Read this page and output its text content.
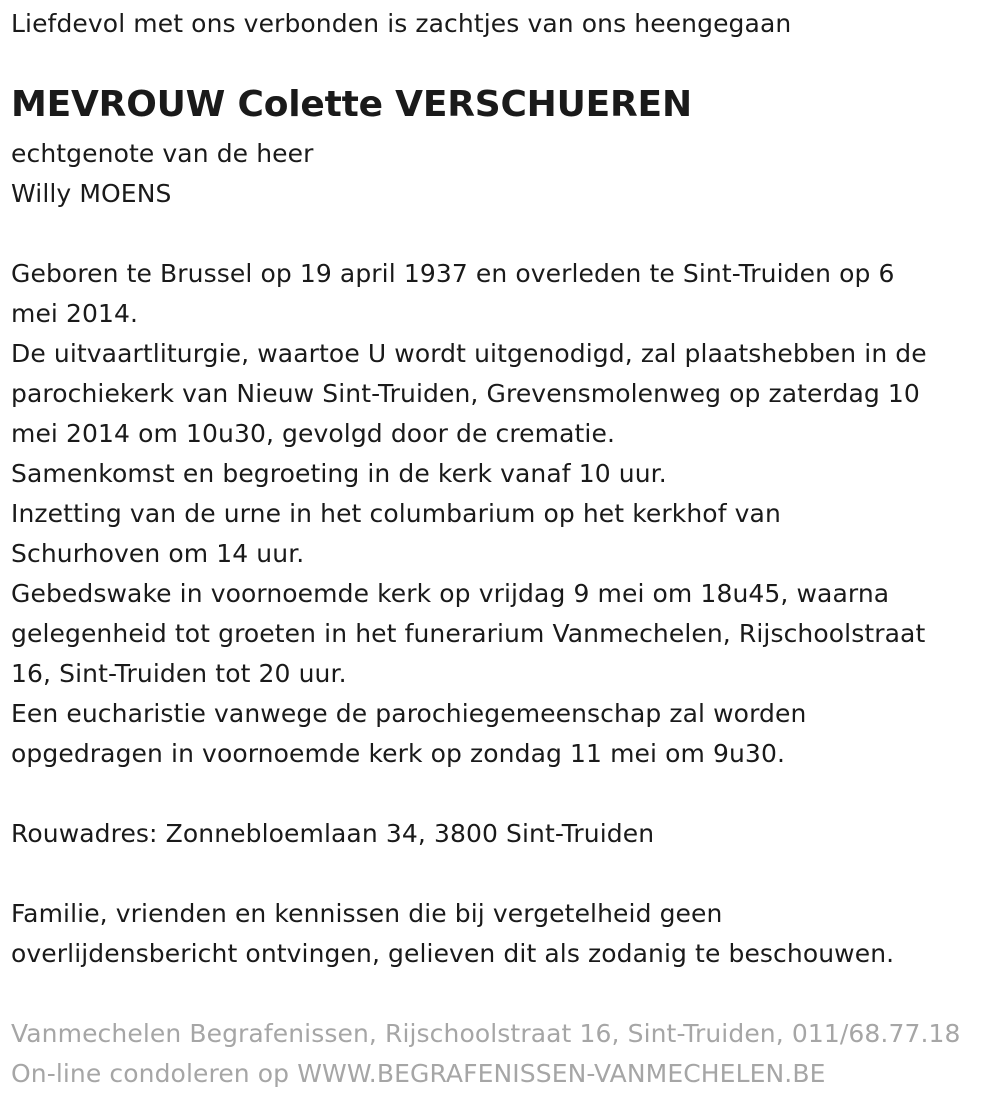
Liefdevol met ons verbonden is zachtjes van ons heengegaan
MEVROUW Colette VERSCHUEREN
echtgenote van de heer
Willy MOENS
Geboren te Brussel op 19 april 1937 en overleden te Sint-Truiden op 6
mei 2014.
De uitvaartliturgie, waartoe U wordt uitgenodigd, zal plaatshebben in de
parochiekerk van Nieuw Sint-Truiden, Grevensmolenweg op zaterdag 10
mei 2014 om 10u30, gevolgd door de crematie.
Samenkomst en begroeting in de kerk vanaf 10 uur.
Inzetting van de urne in het columbarium op het kerkhof van
Schurhoven om 14 uur.
Gebedswake in voornoemde kerk op vrijdag 9 mei om 18u45, waarna
gelegenheid tot groeten in het funerarium Vanmechelen, Rijschoolstraat
16, Sint-Truiden tot 20 uur.
Een eucharistie vanwege de parochiegemeenschap zal worden
opgedragen in voornoemde kerk op zondag 11 mei om 9u30.
Rouwadres: Zonnebloemlaan 34, 3800 Sint-Truiden
Familie, vrienden en kennissen die bij vergetelheid geen
overlijdensbericht ontvingen, gelieven dit als zodanig te beschouwen.
Vanmechelen Begrafenissen, Rijschoolstraat 16, Sint-Truiden, 011/68.77.18
On-line condoleren op WWW.BEGRAFENISSEN-VANMECHELEN.BE
